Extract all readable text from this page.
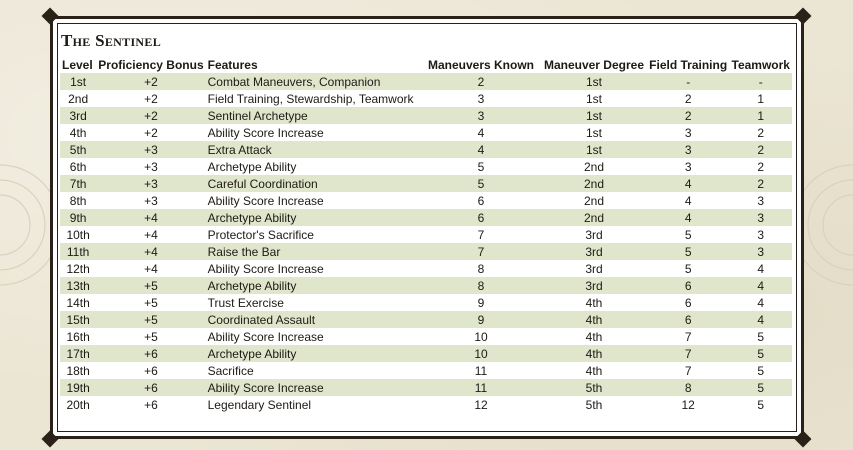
The Sentinel
Level	Proficiency Bonus	Features	Maneuvers Known	Maneuver Degree	Field Training	Teamwork
1st	+2	Combat Maneuvers, Companion	2	1st	-	-
2nd	+2	Field Training, Stewardship, Teamwork	3	1st	2	1
3rd	+2	Sentinel Archetype	3	1st	2	1
4th	+2	Ability Score Increase	4	1st	3	2
5th	+3	Extra Attack	4	1st	3	2
6th	+3	Archetype Ability	5	2nd	3	2
7th	+3	Careful Coordination	5	2nd	4	2
8th	+3	Ability Score Increase	6	2nd	4	3
9th	+4	Archetype Ability	6	2nd	4	3
10th	+4	Protector's Sacrifice	7	3rd	5	3
11th	+4	Raise the Bar	7	3rd	5	3
12th	+4	Ability Score Increase	8	3rd	5	4
13th	+5	Archetype Ability	8	3rd	6	4
14th	+5	Trust Exercise	9	4th	6	4
15th	+5	Coordinated Assault	9	4th	6	4
16th	+5	Ability Score Increase	10	4th	7	5
17th	+6	Archetype Ability	10	4th	7	5
18th	+6	Sacrifice	11	4th	7	5
19th	+6	Ability Score Increase	11	5th	8	5
20th	+6	Legendary Sentinel	12	5th	12	5
